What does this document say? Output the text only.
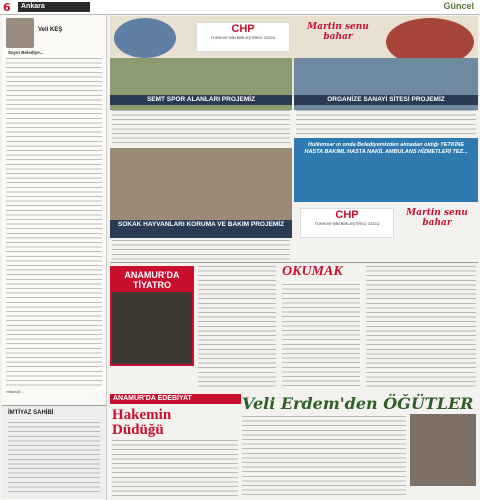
6	Ankara	Güncel
Veli KEŞ
Sayın Belediye...
velikes@...
CHP
TÜRKİYE'NİN BİRLEŞTİRİCİ GÜCÜ
Martin senu bahar
SEMT SPOR ALANLARI PROJEMİZ	ORGANİZE SANAYİ SİTESİ PROJEMİZ
SOKAK HAYVANLARI KORUMA VE BAKIM PROJEMİZ
Hulkımsar ın onda Belediyemizden almadan oldığı YETKİNE HASTA BAKIML HASTA NAKİL AMBULANS HİZMETLERİ TEZ...
CHP
TÜRKİYE'NİN BİRLEŞTİRİCİ GÜCÜ
Martin senu bahar
ANAMUR'DA TİYATRO
OKUMAK
İMTİYAZ SAHİBİ
ANAMUR'DA EDEBİYAT
Hakemin Düdüğü
Veli Erdem'den ÖĞÜTLER
